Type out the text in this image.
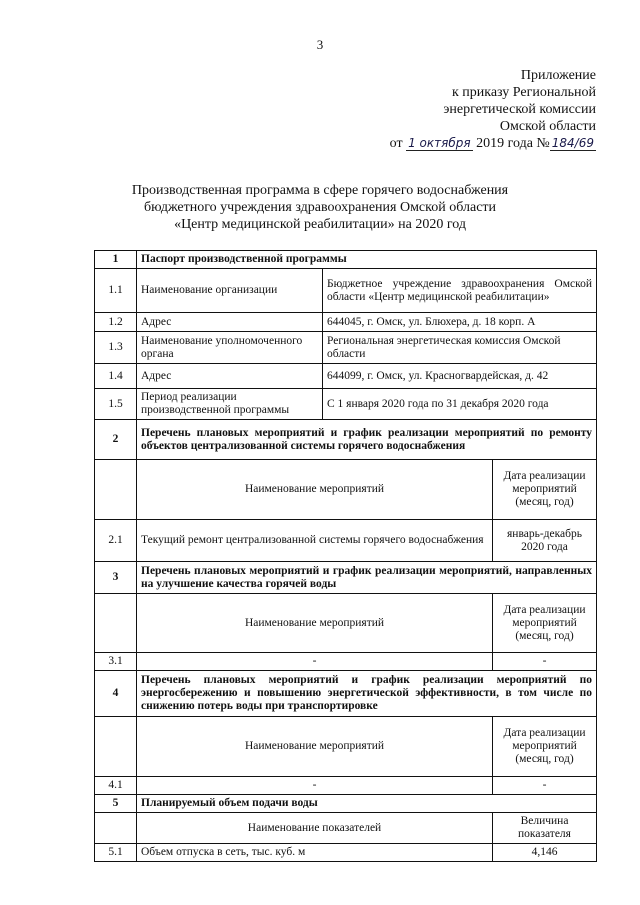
3
Приложение
к приказу Региональной
энергетической комиссии
Омской области
от 1 октября 2019 года № 184/69
Производственная программа в сфере горячего водоснабжения
бюджетного учреждения здравоохранения Омской области
«Центр медицинской реабилитации» на 2020 год
1	Паспорт производственной программы		
1.1	Наименование организации	Бюджетное учреждение здравоохранения Омской области «Центр медицинской реабилитации»	
1.2	Адрес	644045, г. Омск, ул. Блюхера, д. 18 корп. А	
1.3	Наименование уполномоченного органа	Региональная энергетическая комиссия Омской области	
1.4	Адрес	644099, г. Омск, ул. Красногвардейская, д. 42	
1.5	Период реализации производственной программы	С 1 января 2020 года по 31 декабря 2020 года	
2	Перечень плановых мероприятий и график реализации мероприятий по ремонту объектов централизованной системы горячего водоснабжения		
	Наименование мероприятий		Дата реализации мероприятий (месяц, год)
2.1	Текущий ремонт централизованной системы горячего водоснабжения		январь-декабрь 2020 года
3	Перечень плановых мероприятий и график реализации мероприятий, направленных на улучшение качества горячей воды		
	Наименование мероприятий		Дата реализации мероприятий (месяц, год)
3.1	-		-
4	Перечень плановых мероприятий и график реализации мероприятий по энергосбережению и повышению энергетической эффективности, в том числе по снижению потерь воды при транспортировке		
	Наименование мероприятий		Дата реализации мероприятий (месяц, год)
4.1	-		-
5	Планируемый объем подачи воды		
	Наименование показателей		Величина показателя
5.1	Объем отпуска в сеть, тыс. куб. м		4,146
